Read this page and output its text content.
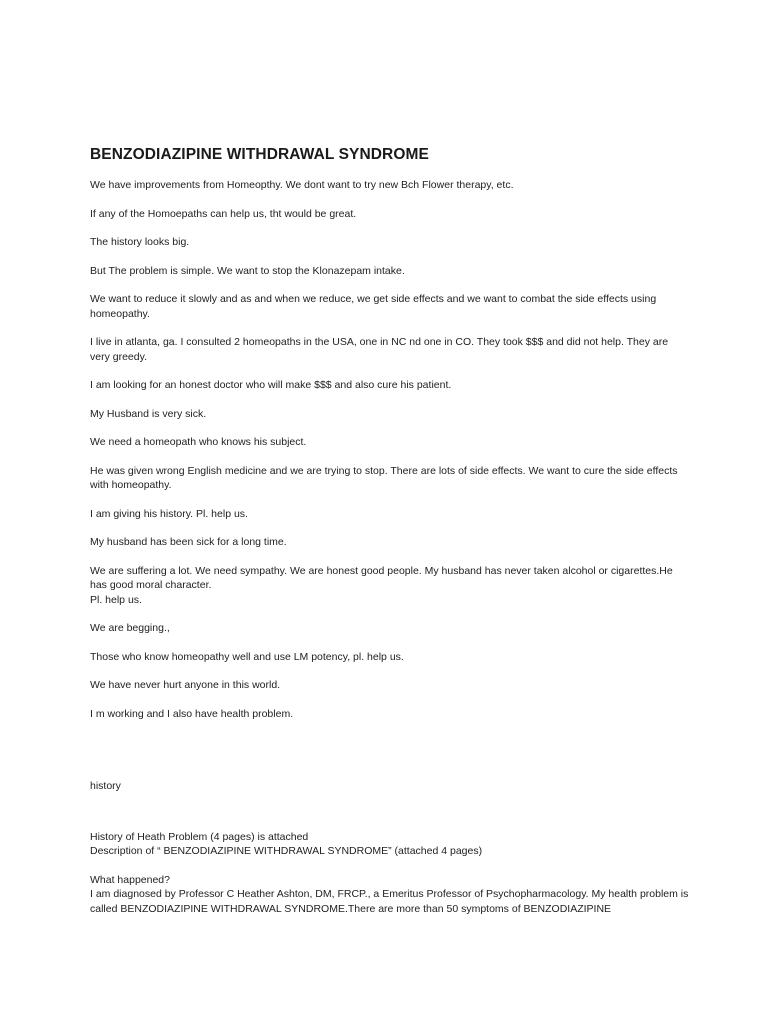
BENZODIAZIPINE WITHDRAWAL SYNDROME
We have improvements from Homeopthy. We dont want to try new Bch Flower therapy, etc.
If any of the Homoepaths can help us, tht would be great.
The history looks big.
But The problem is simple. We want to stop the Klonazepam intake.
We want to reduce it slowly and as and when we reduce, we get side effects and we want to combat the side effects using homeopathy.
I live in atlanta, ga. I consulted 2 homeopaths in the USA, one in NC nd one in CO. They took $$$ and did not help. They are very greedy.
I am looking for an honest doctor who will make $$$ and also cure his patient.
My Husband is very sick.
We need a homeopath who knows his subject.
He was given wrong English medicine and we are trying to stop. There are lots of side effects. We want to cure the side effects with homeopathy.
I am giving his history. Pl. help us.
My husband has been sick for a long time.
We are suffering a lot. We need sympathy. We are honest good people. My husband has never taken alcohol or cigarettes.He has good moral character.
Pl. help us.
We are begging.,
Those who know homeopathy well and use LM potency, pl. help us.
We have never hurt anyone in this world.
I m working and I also have health problem.
history
History of Heath Problem (4 pages) is attached
Description of “ BENZODIAZIPINE WITHDRAWAL SYNDROME” (attached 4 pages)
What happened?
I am diagnosed by Professor C Heather Ashton, DM, FRCP., a Emeritus Professor of Psychopharmacology. My health problem is called BENZODIAZIPINE WITHDRAWAL SYNDROME.There are more than 50 symptoms of BENZODIAZIPINE
